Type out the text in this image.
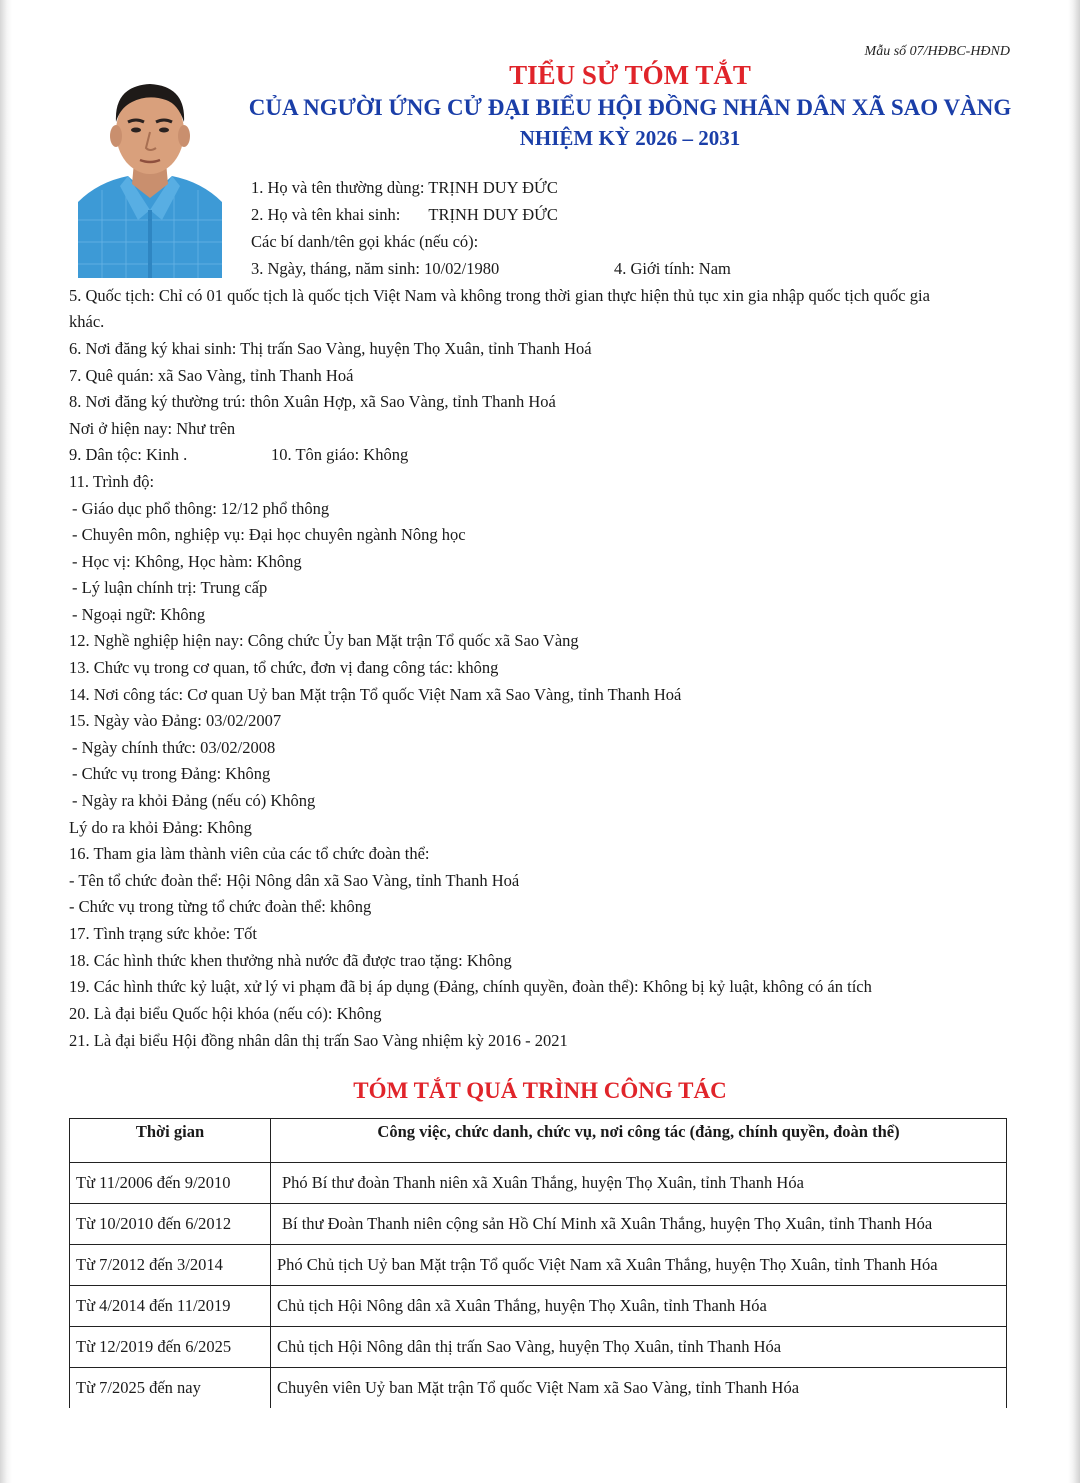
Mẫu số 07/HĐBC-HĐND
TIỂU SỬ TÓM TẮT
CỦA NGƯỜI ỨNG CỬ ĐẠI BIỂU HỘI ĐỒNG NHÂN DÂN XÃ SAO VÀNG
NHIỆM KỲ 2026 – 2031

1. Họ và tên thường dùng: TRỊNH DUY ĐỨC

2. Họ và tên khai sinh: TRỊNH DUY ĐỨC

Các bí danh/tên gọi khác (nếu có):

3. Ngày, tháng, năm sinh: 10/02/1980	4. Giới tính: Nam

5. Quốc tịch: Chỉ có 01 quốc tịch là quốc tịch Việt Nam và không trong thời gian thực hiện thủ tục xin gia nhập quốc tịch quốc gia

khác.

6. Nơi đăng ký khai sinh: Thị trấn Sao Vàng, huyện Thọ Xuân, tỉnh Thanh Hoá

7. Quê quán: xã Sao Vàng, tỉnh Thanh Hoá

8. Nơi đăng ký thường trú: thôn Xuân Hợp, xã Sao Vàng, tỉnh Thanh Hoá

Nơi ở hiện nay: Như trên

9. Dân tộc: Kinh .	10. Tôn giáo: Không

11. Trình độ:

- Giáo dục phổ thông: 12/12 phổ thông

- Chuyên môn, nghiệp vụ: Đại học chuyên ngành Nông học

- Học vị: Không, Học hàm: Không

- Lý luận chính trị: Trung cấp

- Ngoại ngữ: Không

12. Nghề nghiệp hiện nay: Công chức Ủy ban Mặt trận Tổ quốc xã Sao Vàng

13. Chức vụ trong cơ quan, tổ chức, đơn vị đang công tác: không

14. Nơi công tác: Cơ quan Uỷ ban Mặt trận Tổ quốc Việt Nam xã Sao Vàng, tỉnh Thanh Hoá

15. Ngày vào Đảng: 03/02/2007

- Ngày chính thức: 03/02/2008

- Chức vụ trong Đảng: Không

- Ngày ra khỏi Đảng (nếu có) Không

Lý do ra khỏi Đảng: Không

16. Tham gia làm thành viên của các tổ chức đoàn thể:

- Tên tổ chức đoàn thể: Hội Nông dân xã Sao Vàng, tỉnh Thanh Hoá

- Chức vụ trong từng tổ chức đoàn thể: không

17. Tình trạng sức khỏe: Tốt

18. Các hình thức khen thưởng nhà nước đã được trao tặng: Không

19. Các hình thức kỷ luật, xử lý vi phạm đã bị áp dụng (Đảng, chính quyền, đoàn thể): Không bị kỷ luật, không có án tích

20. Là đại biểu Quốc hội khóa (nếu có): Không

21. Là đại biểu Hội đồng nhân dân thị trấn Sao Vàng nhiệm kỳ 2016 - 2021

TÓM TẮT QUÁ TRÌNH CÔNG TÁC
Thời gian	Công việc, chức danh, chức vụ, nơi công tác (đảng, chính quyền, đoàn thể)
Từ 11/2006 đến 9/2010	Phó Bí thư đoàn Thanh niên xã Xuân Thắng, huyện Thọ Xuân, tỉnh Thanh Hóa
Từ 10/2010 đến 6/2012	Bí thư Đoàn Thanh niên cộng sản Hồ Chí Minh xã Xuân Thắng, huyện Thọ Xuân, tỉnh Thanh Hóa
Từ 7/2012 đến 3/2014	Phó Chủ tịch Uỷ ban Mặt trận Tổ quốc Việt Nam xã Xuân Thắng, huyện Thọ Xuân, tỉnh Thanh Hóa
Từ 4/2014 đến 11/2019	Chủ tịch Hội Nông dân xã Xuân Thắng, huyện Thọ Xuân, tỉnh Thanh Hóa
Từ 12/2019 đến 6/2025	Chủ tịch Hội Nông dân thị trấn Sao Vàng, huyện Thọ Xuân, tỉnh Thanh Hóa
Từ 7/2025 đến nay	Chuyên viên Uỷ ban Mặt trận Tổ quốc Việt Nam xã Sao Vàng, tỉnh Thanh Hóa
